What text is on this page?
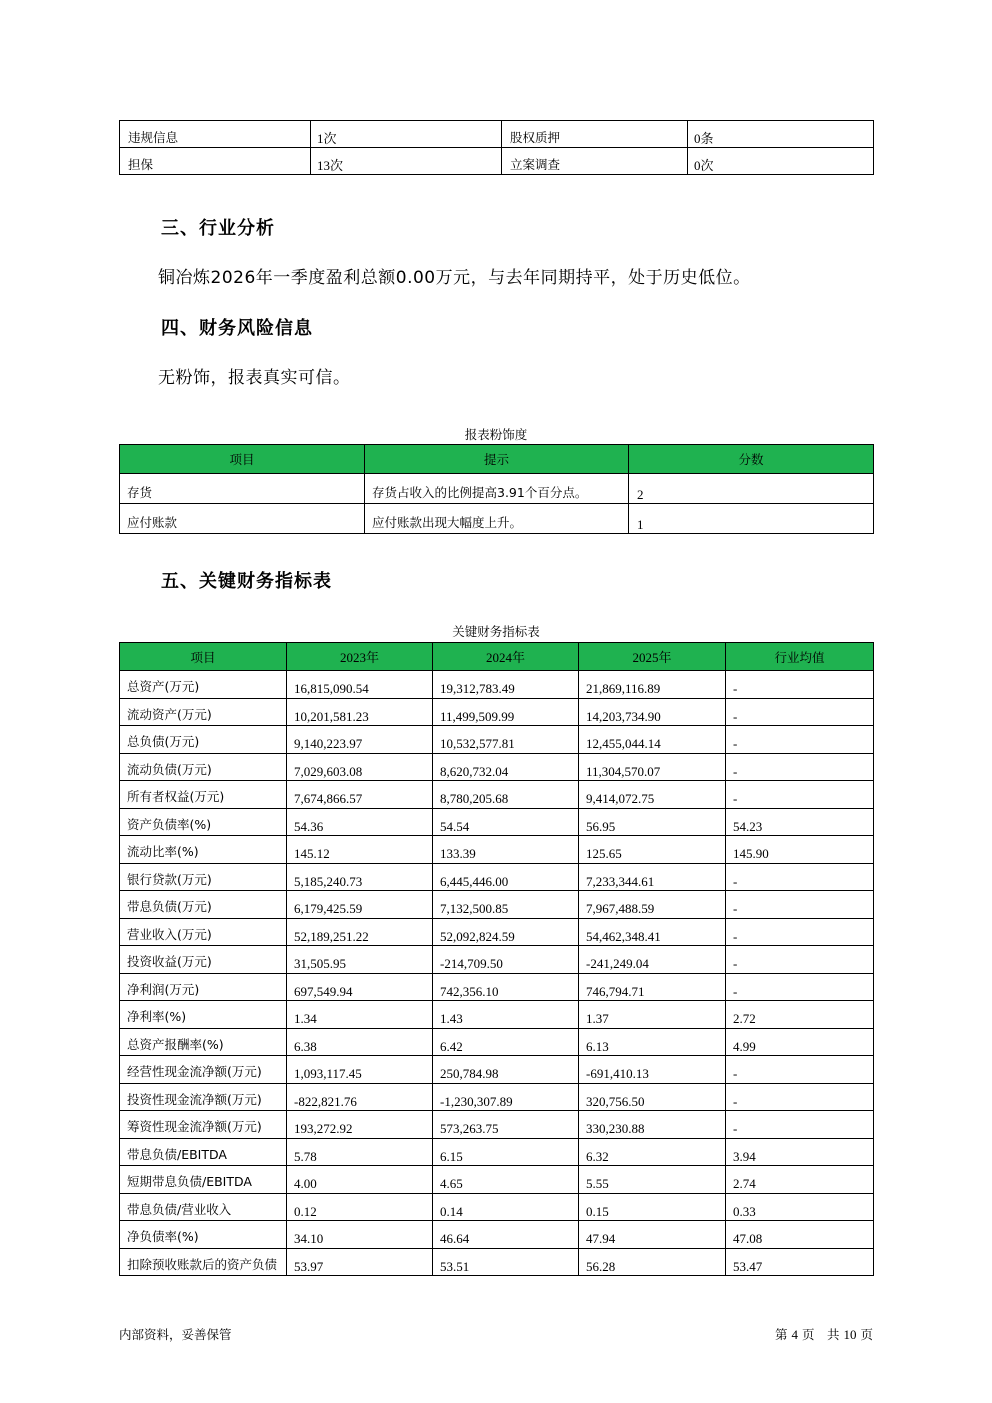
违规信息	1次	股权质押	0条
担保	13次	立案调查	0次
三、行业分析
铜冶炼2026年一季度盈利总额0.00万元，与去年同期持平，处于历史低位。
四、财务风险信息
无粉饰，报表真实可信。
报表粉饰度
项目	提示	分数
存货	存货占收入的比例提高3.91个百分点。	2
应付账款	应付账款出现大幅度上升。	1
五、关键财务指标表
关键财务指标表
项目	2023年	2024年	2025年	行业均值
总资产(万元)	16,815,090.54	19,312,783.49	21,869,116.89	-
流动资产(万元)	10,201,581.23	11,499,509.99	14,203,734.90	-
总负债(万元)	9,140,223.97	10,532,577.81	12,455,044.14	-
流动负债(万元)	7,029,603.08	8,620,732.04	11,304,570.07	-
所有者权益(万元)	7,674,866.57	8,780,205.68	9,414,072.75	-
资产负债率(%)	54.36	54.54	56.95	54.23
流动比率(%)	145.12	133.39	125.65	145.90
银行贷款(万元)	5,185,240.73	6,445,446.00	7,233,344.61	-
带息负债(万元)	6,179,425.59	7,132,500.85	7,967,488.59	-
营业收入(万元)	52,189,251.22	52,092,824.59	54,462,348.41	-
投资收益(万元)	31,505.95	-214,709.50	-241,249.04	-
净利润(万元)	697,549.94	742,356.10	746,794.71	-
净利率(%)	1.34	1.43	1.37	2.72
总资产报酬率(%)	6.38	6.42	6.13	4.99
经营性现金流净额(万元)	1,093,117.45	250,784.98	-691,410.13	-
投资性现金流净额(万元)	-822,821.76	-1,230,307.89	320,756.50	-
筹资性现金流净额(万元)	193,272.92	573,263.75	330,230.88	-
带息负债/EBITDA	5.78	6.15	6.32	3.94
短期带息负债/EBITDA	4.00	4.65	5.55	2.74
带息负债/营业收入	0.12	0.14	0.15	0.33
净负债率(%)	34.10	46.64	47.94	47.08
扣除预收账款后的资产负债	53.97	53.51	56.28	53.47
内部资料，妥善保管	第 4 页　共 10 页
